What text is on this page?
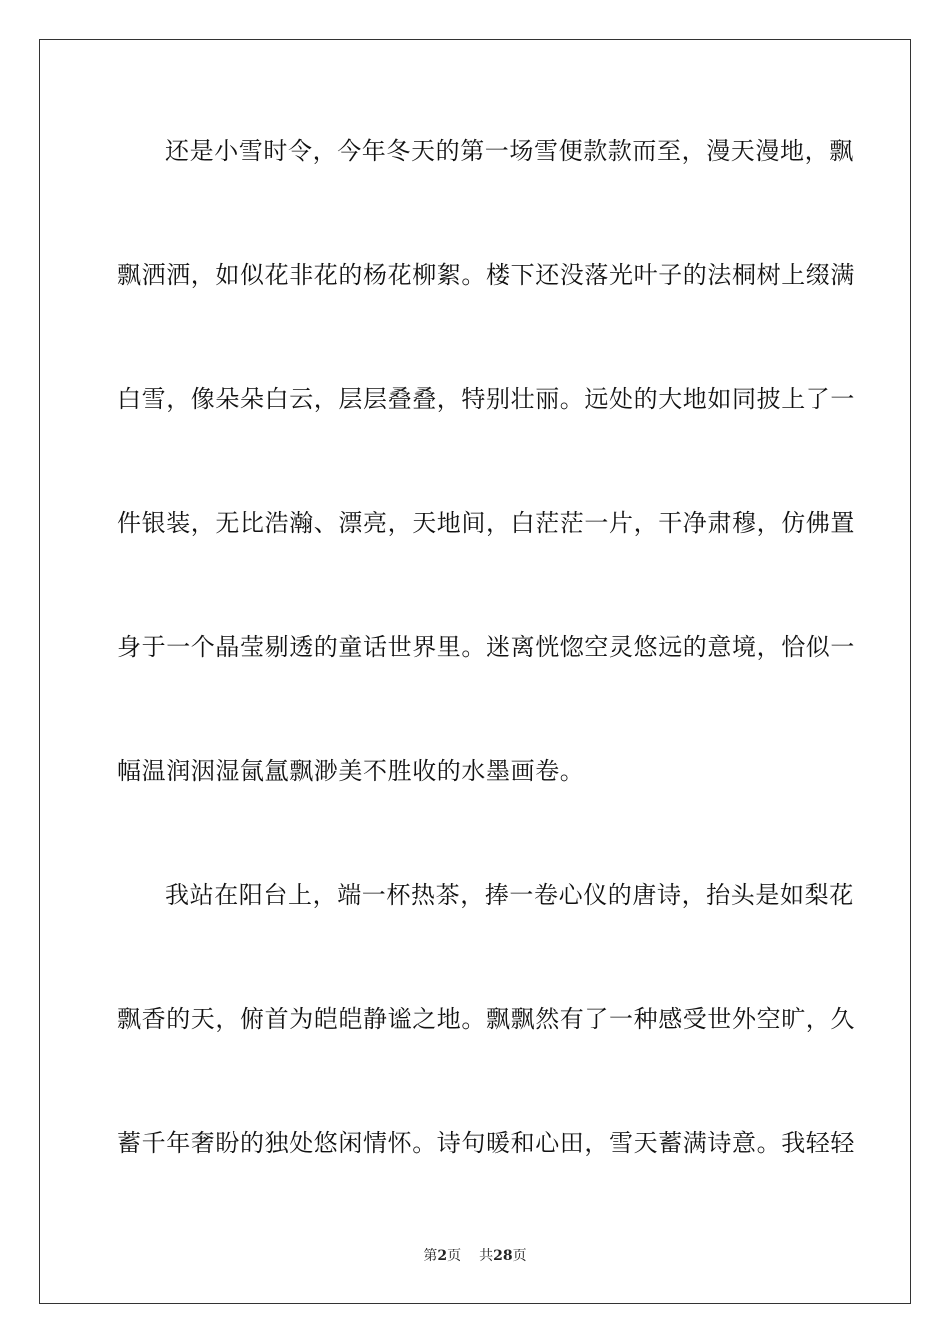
还是小雪时令，今年冬天的第一场雪便款款而至，漫天漫地，飘
飘洒洒，如似花非花的杨花柳絮。楼下还没落光叶子的法桐树上缀满
白雪，像朵朵白云，层层叠叠，特别壮丽。远处的大地如同披上了一
件银装，无比浩瀚、漂亮，天地间，白茫茫一片，干净肃穆，仿佛置
身于一个晶莹剔透的童话世界里。迷离恍惚空灵悠远的意境，恰似一
幅温润洇湿氤氲飘渺美不胜收的水墨画卷。
我站在阳台上，端一杯热茶，捧一卷心仪的唐诗，抬头是如梨花
飘香的天，俯首为皑皑静谧之地。飘飘然有了一种感受世外空旷，久
蓄千年奢盼的独处悠闲情怀。诗句暖和心田，雪天蓄满诗意。我轻轻
第2页 共28页
